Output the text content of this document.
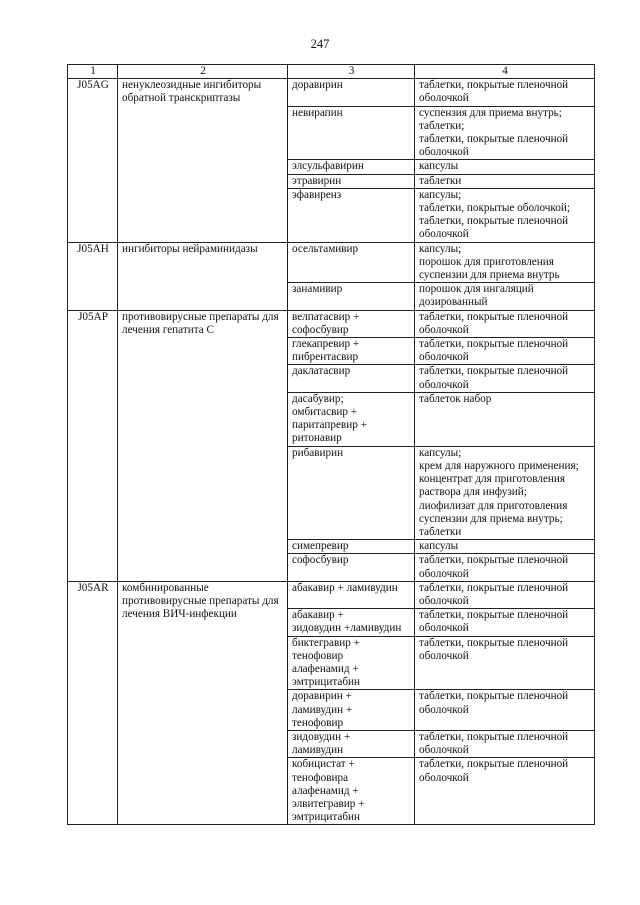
247
1	2	3	4
J05AG	ненуклеозидные ингибиторы обратной транскриптазы	доравирин	таблетки, покрытые пленочной оболочкой
		невирапин	суспензия для приема внутрь;
таблетки;
таблетки, покрытые пленочной оболочкой
		элсульфавирин	капсулы
		этравирин	таблетки
		эфавиренз	капсулы;
таблетки, покрытые оболочкой;
таблетки, покрытые пленочной оболочкой
J05AH	ингибиторы нейраминидазы	осельтамивир	капсулы;
порошок для приготовления суспензии для приема внутрь
		занамивир	порошок для ингаляций дозированный
J05AP	противовирусные препараты для лечения гепатита С	велпатасвир +
софосбувир	таблетки, покрытые пленочной оболочкой
		глекапревир +
пибрентасвир	таблетки, покрытые пленочной оболочкой
		даклатасвир	таблетки, покрытые пленочной оболочкой
		дасабувир;
омбитасвир +
паритапревир +
ритонавир	таблеток набор
		рибавирин	капсулы;
крем для наружного применения;
концентрат для приготовления раствора для инфузий;
лиофилизат для приготовления суспензии для приема внутрь;
таблетки
		симепревир	капсулы
		софосбувир	таблетки, покрытые пленочной оболочкой
J05AR	комбинированные противовирусные препараты для лечения ВИЧ-инфекции	абакавир + ламивудин	таблетки, покрытые пленочной оболочкой
		абакавир +
зидовудин +ламивудин	таблетки, покрытые пленочной оболочкой
		биктегравир +
тенофовир
алафенамид +
эмтрицитабин	таблетки, покрытые пленочной оболочкой
		доравирин +
ламивудин +
тенофовир	таблетки, покрытые пленочной оболочкой
		зидовудин +
ламивудин	таблетки, покрытые пленочной оболочкой
		кобицистат +
тенофовира
алафенамид +
элвитегравир +
эмтрицитабин	таблетки, покрытые пленочной оболочкой
